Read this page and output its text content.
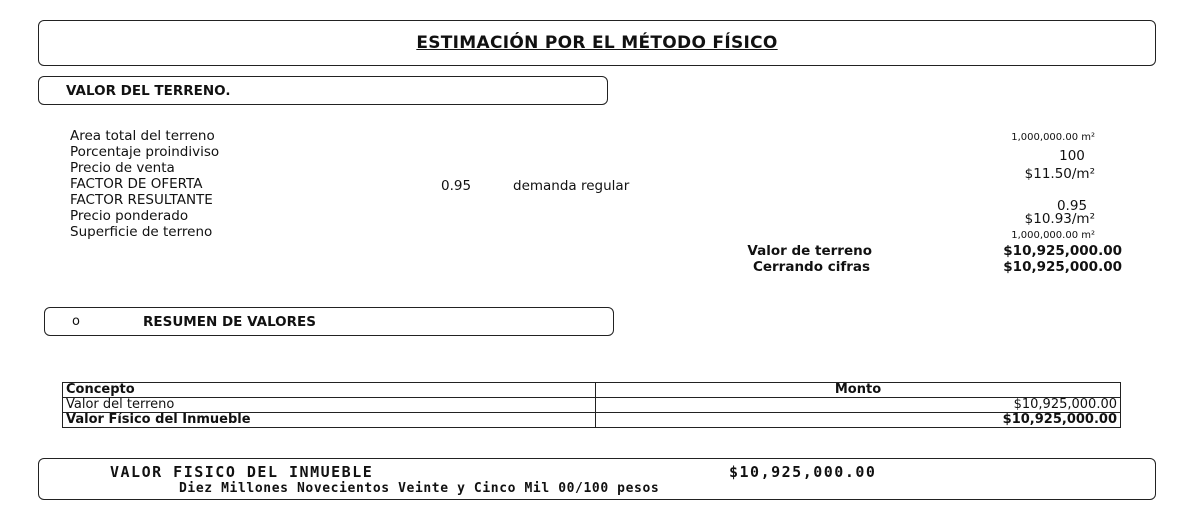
ESTIMACIÓN POR EL MÉTODO FÍSICO
VALOR DEL TERRENO.
Area total del terreno	1,000,000.00 m²
Porcentaje proindiviso	100
Precio de venta	$11.50/m²
FACTOR DE OFERTA	0.95	demanda regular
FACTOR RESULTANTE	0.95
Precio ponderado	$10.93/m²
Superficie de terreno	1,000,000.00 m²
Valor de terreno	$10,925,000.00
Cerrando cifras	$10,925,000.00
o	RESUMEN DE VALORES
Concepto	Monto
Valor del terreno	$10,925,000.00
Valor Físico del Inmueble	$10,925,000.00
VALOR FISICO DEL INMUEBLE	$10,925,000.00
Diez Millones Novecientos Veinte y Cinco Mil 00/100 pesos
